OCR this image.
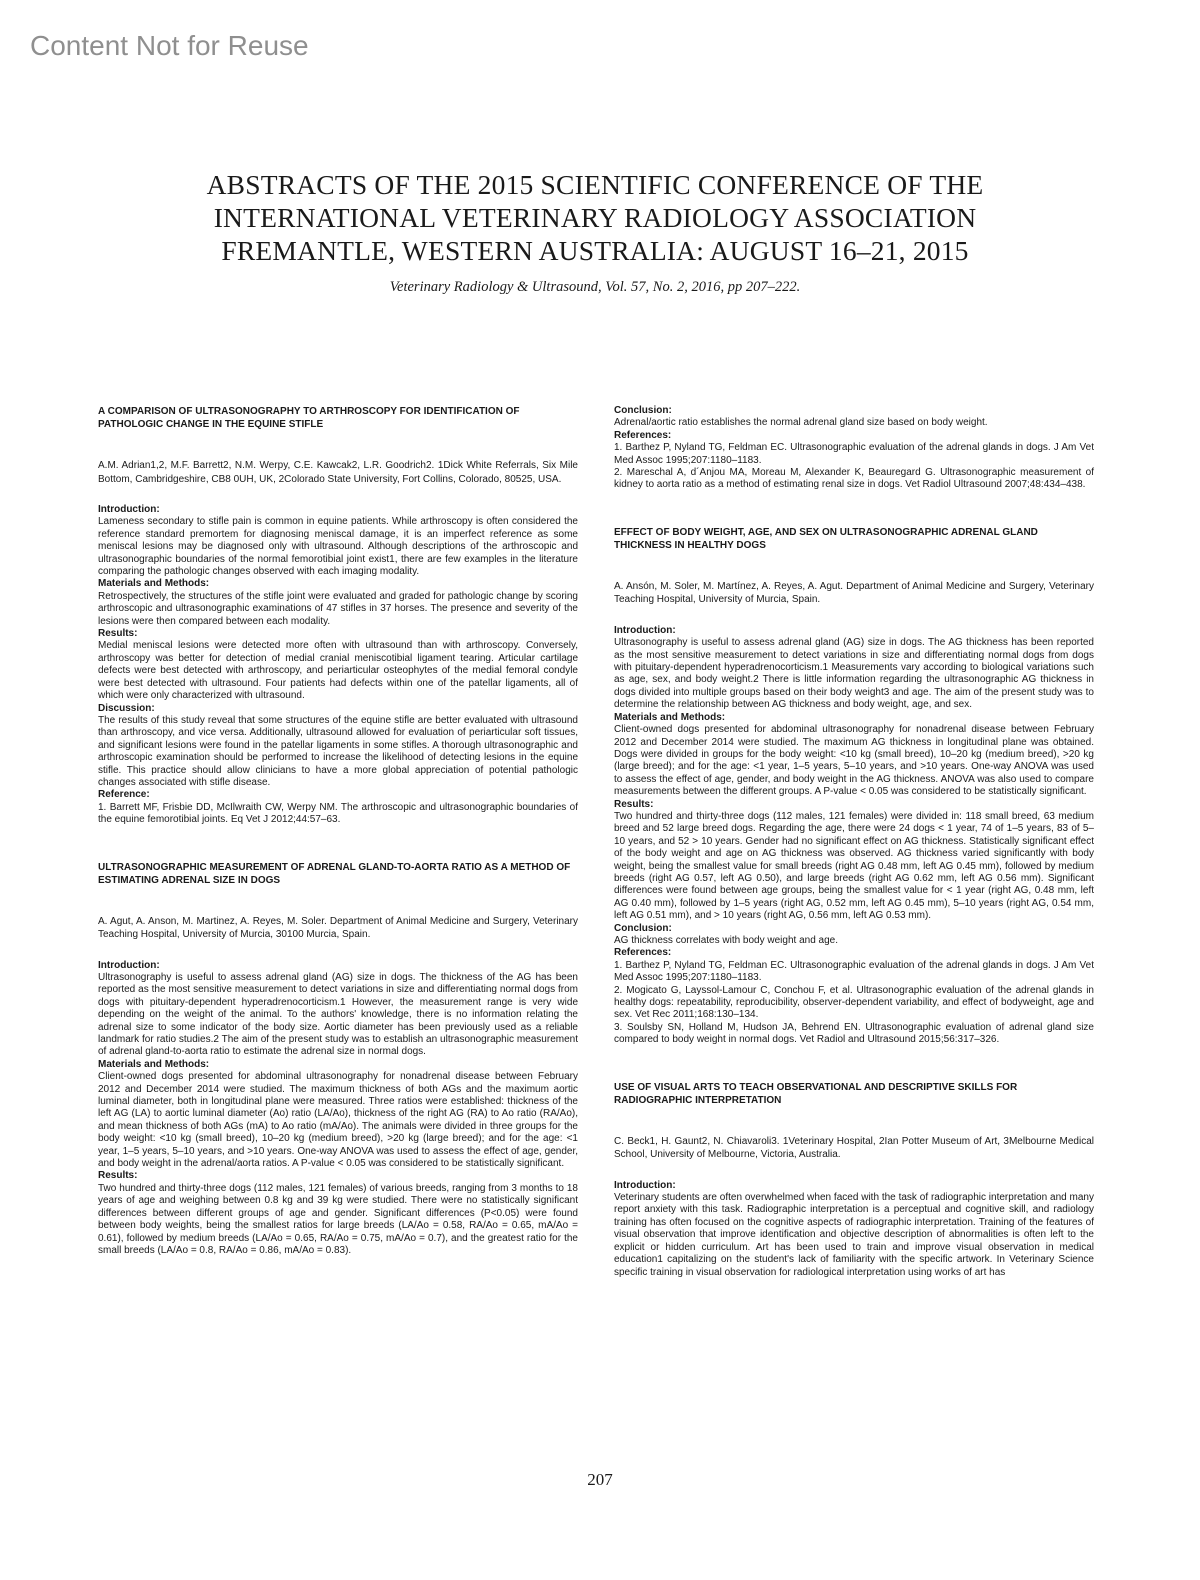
Content Not for Reuse
ABSTRACTS OF THE 2015 SCIENTIFIC CONFERENCE OF THE
INTERNATIONAL VETERINARY RADIOLOGY ASSOCIATION
FREMANTLE, WESTERN AUSTRALIA: AUGUST 16–21, 2015
Veterinary Radiology & Ultrasound, Vol. 57, No. 2, 2016, pp 207–222.
A COMPARISON OF ULTRASONOGRAPHY TO ARTHROSCOPY FOR IDENTIFICATION OF PATHOLOGIC CHANGE IN THE EQUINE STIFLE
A.M. Adrian1,2, M.F. Barrett2, N.M. Werpy, C.E. Kawcak2, L.R. Goodrich2. 1Dick White Referrals, Six Mile Bottom, Cambridgeshire, CB8 0UH, UK, 2Colorado State University, Fort Collins, Colorado, 80525, USA.
Introduction:

Lameness secondary to stifle pain is common in equine patients. While arthroscopy is often considered the reference standard premortem for diagnosing meniscal damage, it is an imperfect reference as some meniscal lesions may be diagnosed only with ultrasound. Although descriptions of the arthroscopic and ultrasonographic boundaries of the normal femorotibial joint exist1, there are few examples in the literature comparing the pathologic changes observed with each imaging modality.

Materials and Methods:

Retrospectively, the structures of the stifle joint were evaluated and graded for pathologic change by scoring arthroscopic and ultrasonographic examinations of 47 stifles in 37 horses. The presence and severity of the lesions were then compared between each modality.

Results:

Medial meniscal lesions were detected more often with ultrasound than with arthroscopy. Conversely, arthroscopy was better for detection of medial cranial meniscotibial ligament tearing. Articular cartilage defects were best detected with arthroscopy, and periarticular osteophytes of the medial femoral condyle were best detected with ultrasound. Four patients had defects within one of the patellar ligaments, all of which were only characterized with ultrasound.

Discussion:

The results of this study reveal that some structures of the equine stifle are better evaluated with ultrasound than arthroscopy, and vice versa. Additionally, ultrasound allowed for evaluation of periarticular soft tissues, and significant lesions were found in the patellar ligaments in some stifles. A thorough ultrasonographic and arthroscopic examination should be performed to increase the likelihood of detecting lesions in the equine stifle. This practice should allow clinicians to have a more global appreciation of potential pathologic changes associated with stifle disease.

Reference:

1. Barrett MF, Frisbie DD, McIlwraith CW, Werpy NM. The arthroscopic and ultrasonographic boundaries of the equine femorotibial joints. Eq Vet J 2012;44:57–63.

ULTRASONOGRAPHIC MEASUREMENT OF ADRENAL GLAND-TO-AORTA RATIO AS A METHOD OF ESTIMATING ADRENAL SIZE IN DOGS
A. Agut, A. Anson, M. Martinez, A. Reyes, M. Soler. Department of Animal Medicine and Surgery, Veterinary Teaching Hospital, University of Murcia, 30100 Murcia, Spain.
Introduction:

Ultrasonography is useful to assess adrenal gland (AG) size in dogs. The thickness of the AG has been reported as the most sensitive measurement to detect variations in size and differentiating normal dogs from dogs with pituitary-dependent hyperadrenocorticism.1 However, the measurement range is very wide depending on the weight of the animal. To the authors' knowledge, there is no information relating the adrenal size to some indicator of the body size. Aortic diameter has been previously used as a reliable landmark for ratio studies.2 The aim of the present study was to establish an ultrasonographic measurement of adrenal gland-to-aorta ratio to estimate the adrenal size in normal dogs.

Materials and Methods:

Client-owned dogs presented for abdominal ultrasonography for nonadrenal disease between February 2012 and December 2014 were studied. The maximum thickness of both AGs and the maximum aortic luminal diameter, both in longitudinal plane were measured. Three ratios were established: thickness of the left AG (LA) to aortic luminal diameter (Ao) ratio (LA/Ao), thickness of the right AG (RA) to Ao ratio (RA/Ao), and mean thickness of both AGs (mA) to Ao ratio (mA/Ao). The animals were divided in three groups for the body weight: <10 kg (small breed), 10–20 kg (medium breed), >20 kg (large breed); and for the age: <1 year, 1–5 years, 5–10 years, and >10 years. One-way ANOVA was used to assess the effect of age, gender, and body weight in the adrenal/aorta ratios. A P-value < 0.05 was considered to be statistically significant.

Results:

Two hundred and thirty-three dogs (112 males, 121 females) of various breeds, ranging from 3 months to 18 years of age and weighing between 0.8 kg and 39 kg were studied. There were no statistically significant differences between different groups of age and gender. Significant differences (P<0.05) were found between body weights, being the smallest ratios for large breeds (LA/Ao = 0.58, RA/Ao = 0.65, mA/Ao = 0.61), followed by medium breeds (LA/Ao = 0.65, RA/Ao = 0.75, mA/Ao = 0.7), and the greatest ratio for the small breeds (LA/Ao = 0.8, RA/Ao = 0.86, mA/Ao = 0.83).

Conclusion:

Adrenal/aortic ratio establishes the normal adrenal gland size based on body weight.

References:

1. Barthez P, Nyland TG, Feldman EC. Ultrasonographic evaluation of the adrenal glands in dogs. J Am Vet Med Assoc 1995;207:1180–1183.

2. Mareschal A, d´Anjou MA, Moreau M, Alexander K, Beauregard G. Ultrasonographic measurement of kidney to aorta ratio as a method of estimating renal size in dogs. Vet Radiol Ultrasound 2007;48:434–438.

EFFECT OF BODY WEIGHT, AGE, AND SEX ON ULTRASONOGRAPHIC ADRENAL GLAND THICKNESS IN HEALTHY DOGS
A. Ansón, M. Soler, M. Martínez, A. Reyes, A. Agut. Department of Animal Medicine and Surgery, Veterinary Teaching Hospital, University of Murcia, Spain.
Introduction:

Ultrasonography is useful to assess adrenal gland (AG) size in dogs. The AG thickness has been reported as the most sensitive measurement to detect variations in size and differentiating normal dogs from dogs with pituitary-dependent hyperadrenocorticism.1 Measurements vary according to biological variations such as age, sex, and body weight.2 There is little information regarding the ultrasonographic AG thickness in dogs divided into multiple groups based on their body weight3 and age. The aim of the present study was to determine the relationship between AG thickness and body weight, age, and sex.

Materials and Methods:

Client-owned dogs presented for abdominal ultrasonography for nonadrenal disease between February 2012 and December 2014 were studied. The maximum AG thickness in longitudinal plane was obtained. Dogs were divided in groups for the body weight: <10 kg (small breed), 10–20 kg (medium breed), >20 kg (large breed); and for the age: <1 year, 1–5 years, 5–10 years, and >10 years. One-way ANOVA was used to assess the effect of age, gender, and body weight in the AG thickness. ANOVA was also used to compare measurements between the different groups. A P-value < 0.05 was considered to be statistically significant.

Results:

Two hundred and thirty-three dogs (112 males, 121 females) were divided in: 118 small breed, 63 medium breed and 52 large breed dogs. Regarding the age, there were 24 dogs < 1 year, 74 of 1–5 years, 83 of 5–10 years, and 52 > 10 years. Gender had no significant effect on AG thickness. Statistically significant effect of the body weight and age on AG thickness was observed. AG thickness varied significantly with body weight, being the smallest value for small breeds (right AG 0.48 mm, left AG 0.45 mm), followed by medium breeds (right AG 0.57, left AG 0.50), and large breeds (right AG 0.62 mm, left AG 0.56 mm). Significant differences were found between age groups, being the smallest value for < 1 year (right AG, 0.48 mm, left AG 0.40 mm), followed by 1–5 years (right AG, 0.52 mm, left AG 0.45 mm), 5–10 years (right AG, 0.54 mm, left AG 0.51 mm), and > 10 years (right AG, 0.56 mm, left AG 0.53 mm).

Conclusion:

AG thickness correlates with body weight and age.

References:

1. Barthez P, Nyland TG, Feldman EC. Ultrasonographic evaluation of the adrenal glands in dogs. J Am Vet Med Assoc 1995;207:1180–1183.

2. Mogicato G, Layssol-Lamour C, Conchou F, et al. Ultrasonographic evaluation of the adrenal glands in healthy dogs: repeatability, reproducibility, observer-dependent variability, and effect of bodyweight, age and sex. Vet Rec 2011;168:130–134.

3. Soulsby SN, Holland M, Hudson JA, Behrend EN. Ultrasonographic evaluation of adrenal gland size compared to body weight in normal dogs. Vet Radiol and Ultrasound 2015;56:317–326.

USE OF VISUAL ARTS TO TEACH OBSERVATIONAL AND DESCRIPTIVE SKILLS FOR RADIOGRAPHIC INTERPRETATION
C. Beck1, H. Gaunt2, N. Chiavaroli3. 1Veterinary Hospital, 2Ian Potter Museum of Art, 3Melbourne Medical School, University of Melbourne, Victoria, Australia.
Introduction:

Veterinary students are often overwhelmed when faced with the task of radiographic interpretation and many report anxiety with this task. Radiographic interpretation is a perceptual and cognitive skill, and radiology training has often focused on the cognitive aspects of radiographic interpretation. Training of the features of visual observation that improve identification and objective description of abnormalities is often left to the explicit or hidden curriculum. Art has been used to train and improve visual observation in medical education1 capitalizing on the student's lack of familiarity with the specific artwork. In Veterinary Science specific training in visual observation for radiological interpretation using works of art has

207
